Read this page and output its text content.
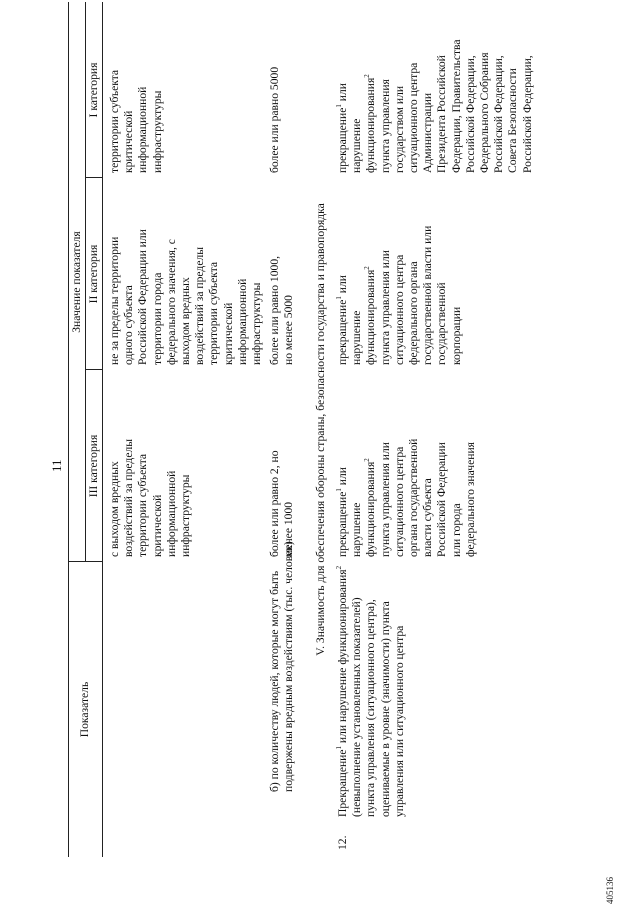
11
Показатель
Значение показателя
III категория
II категория
I категория
с выходом вредных воздействий за пределы территории субъекта критической информационной инфраструктуры
не за пределы территории одного субъекта Российской Федерации или территории города федерального значения, с выходом вредных воздействий за пределы территории субъекта критической информационной инфраструктуры
территории субъекта критической информационной инфраструктуры
б) по количеству людей, которые могут быть подвержены вредным воздействиям (тыс. человек)
более или равно 2, но менее 1000
более или равно 1000, но менее 5000
более или равно 5000
V. Значимость для обеспечения обороны страны, безопасности государства и правопорядка
12.
Прекращение$^1$ или нарушение функционирования$^2$
(невыполнение установленных показателей) пункта управления (ситуационного центра), оцениваемые в уровне (значимости) пункта управления или ситуационного центра
прекращение$^1$ или
нарушение функционирования$^2$ пункта управления или ситуационного центра органа государственной власти субъекта Российской Федерации или города федерального значения
прекращение$^1$ или
нарушение функционирования$^2$ пункта управления или ситуационного центра федерального органа государственной власти или государственной корпорации
прекращение$^1$ или
нарушение функционирования$^2$
пункта управления государством или ситуационного центра Администрации Президента Российской Федерации, Правительства Российской Федерации, Федерального Собрания Российской Федерации, Совета Безопасности Российской Федерации,
405136
